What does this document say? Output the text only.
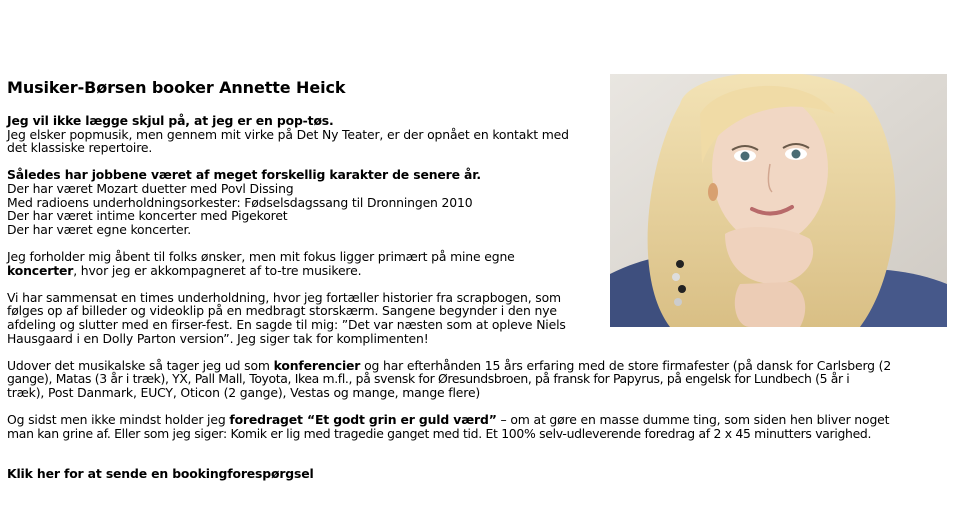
Musiker-Børsen booker Annette Heick

Jeg vil ikke lægge skjul på, at jeg er en pop-tøs.

Jeg elsker popmusik, men gennem mit virke på Det Ny Teater, er der opnået en kontakt med

det klassiske repertoire.

Således har jobbene været af meget forskellig karakter de senere år.

Der har været Mozart duetter med Povl Dissing

Med radioens underholdningsorkester: Fødselsdagssang til Dronningen 2010

Der har været intime koncerter med Pigekoret

Der har været egne koncerter.

Jeg forholder mig åbent til folks ønsker, men mit fokus ligger primært på mine egne

koncerter, hvor jeg er akkompagneret af to-tre musikere.

Vi har sammensat en times underholdning, hvor jeg fortæller historier fra scrapbogen, som

følges op af billeder og videoklip på en medbragt storskærm. Sangene begynder i den nye

afdeling og slutter med en firser-fest. En sagde til mig: ”Det var næsten som at opleve Niels

Hausgaard i en Dolly Parton version”. Jeg siger tak for komplimenten!

Udover det musikalske så tager jeg ud som konferencier og har efterhånden 15 års erfaring med de store firmafester (på dansk for Carlsberg (2

gange), Matas (3 år i træk), YX, Pall Mall, Toyota, Ikea m.fl., på svensk for Øresundsbroen, på fransk for Papyrus, på engelsk for Lundbech (5 år i

træk), Post Danmark, EUCY, Oticon (2 gange), Vestas og mange, mange flere)

Og sidst men ikke mindst holder jeg foredraget “Et godt grin er guld værd” – om at gøre en masse dumme ting, som siden hen bliver noget

man kan grine af. Eller som jeg siger: Komik er lig med tragedie ganget med tid. Et 100% selv-udleverende foredrag af 2 x 45 minutters varighed.

Klik her for at sende en bookingforespørgsel
